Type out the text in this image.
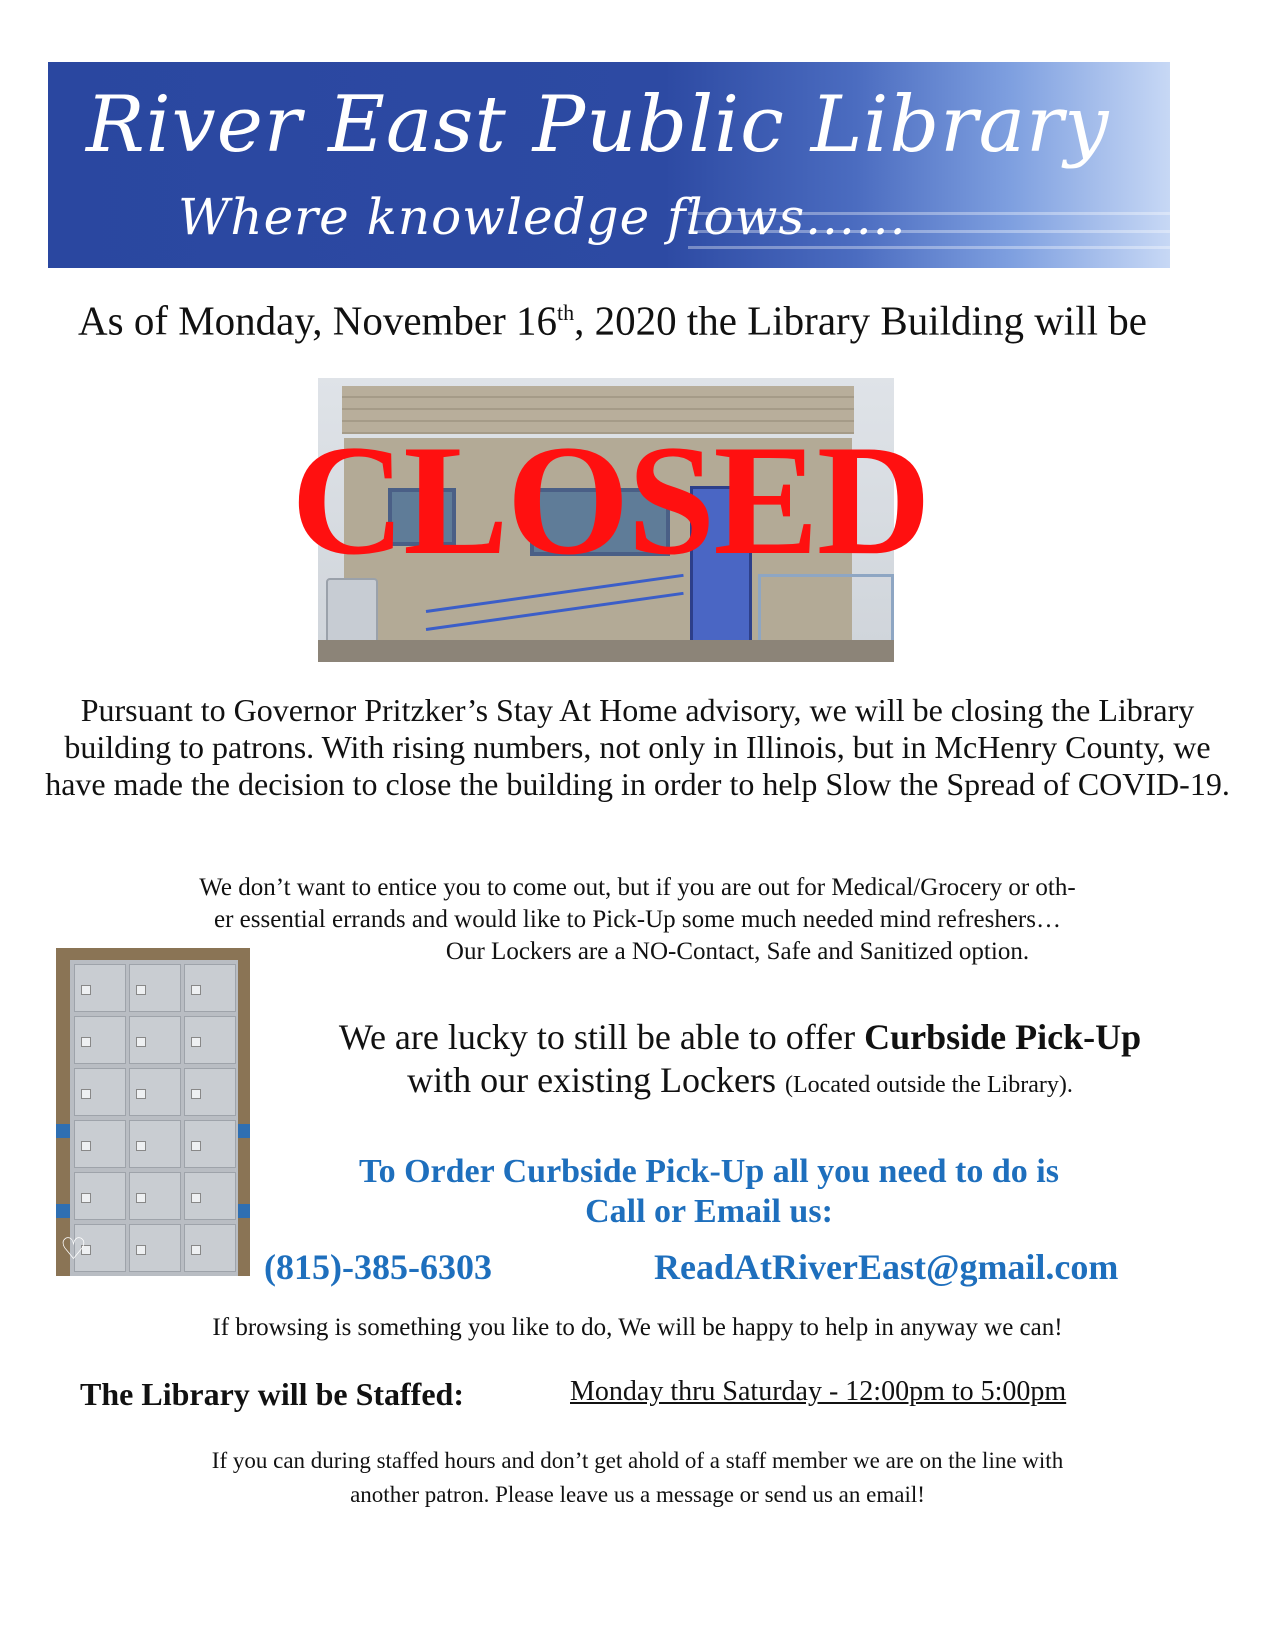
River East Public Library
Where knowledge flows......
As of Monday, November 16th, 2020 the Library Building will be
CLOSED
Pursuant to Governor Pritzker’s Stay At Home advisory, we will be closing the Library building to patrons. With rising numbers, not only in Illinois, but in McHenry County, we have made the decision to close the building in order to help Slow the Spread of COVID-19.
We don’t want to entice you to come out, but if you are out for Medical/Grocery or oth-
er essential errands and would like to Pick-Up some much needed mind refreshers…
Our Lockers are a NO-Contact, Safe and Sanitized option.
♡
We are lucky to still be able to offer Curbside Pick-Up
with our existing Lockers (Located outside the Library).
To Order Curbside Pick-Up all you need to do is
Call or Email us:
(815)-385-6303	ReadAtRiverEast@gmail.com
If browsing is something you like to do, We will be happy to help in anyway we can!
The Library will be Staffed:	Monday thru Saturday - 12:00pm to 5:00pm
If you can during staffed hours and don’t get ahold of a staff member we are on the line with
another patron. Please leave us a message or send us an email!
